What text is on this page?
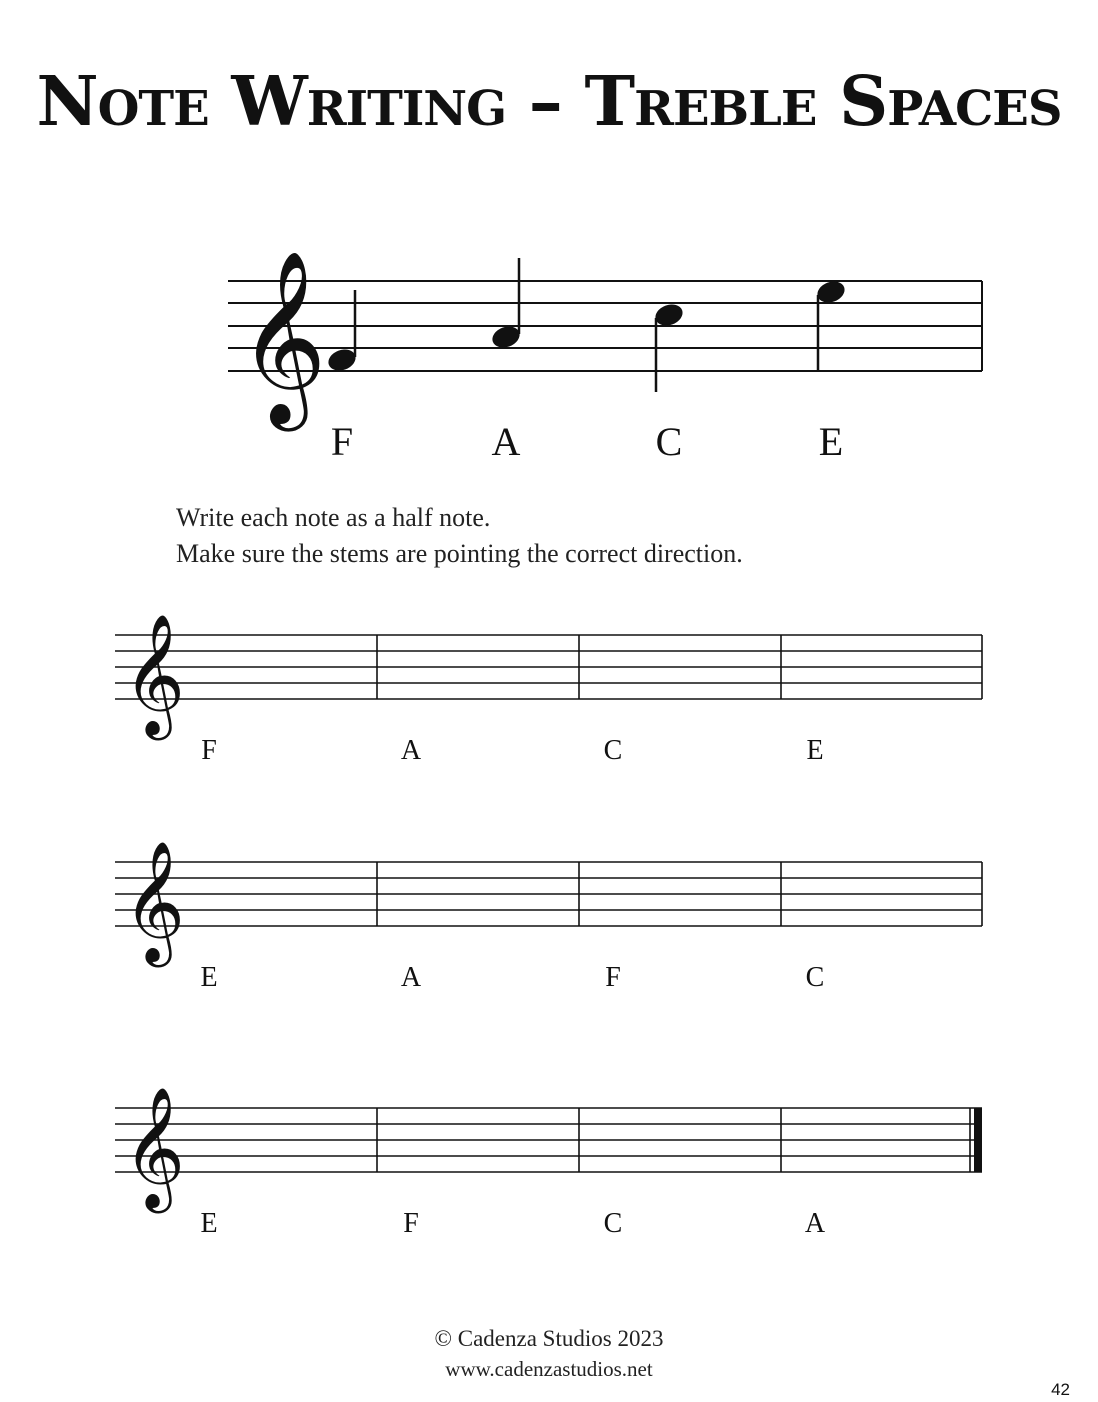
Note Writing – Treble Spaces
𝄞
F	A	C	E
Write each note as a half note.
Make sure the stems are pointing the correct direction.
𝄞
F	A	C	E
𝄞
E	A	F	C
𝄞
E	F	C	A
© Cadenza Studios 2023
www.cadenzastudios.net
42
